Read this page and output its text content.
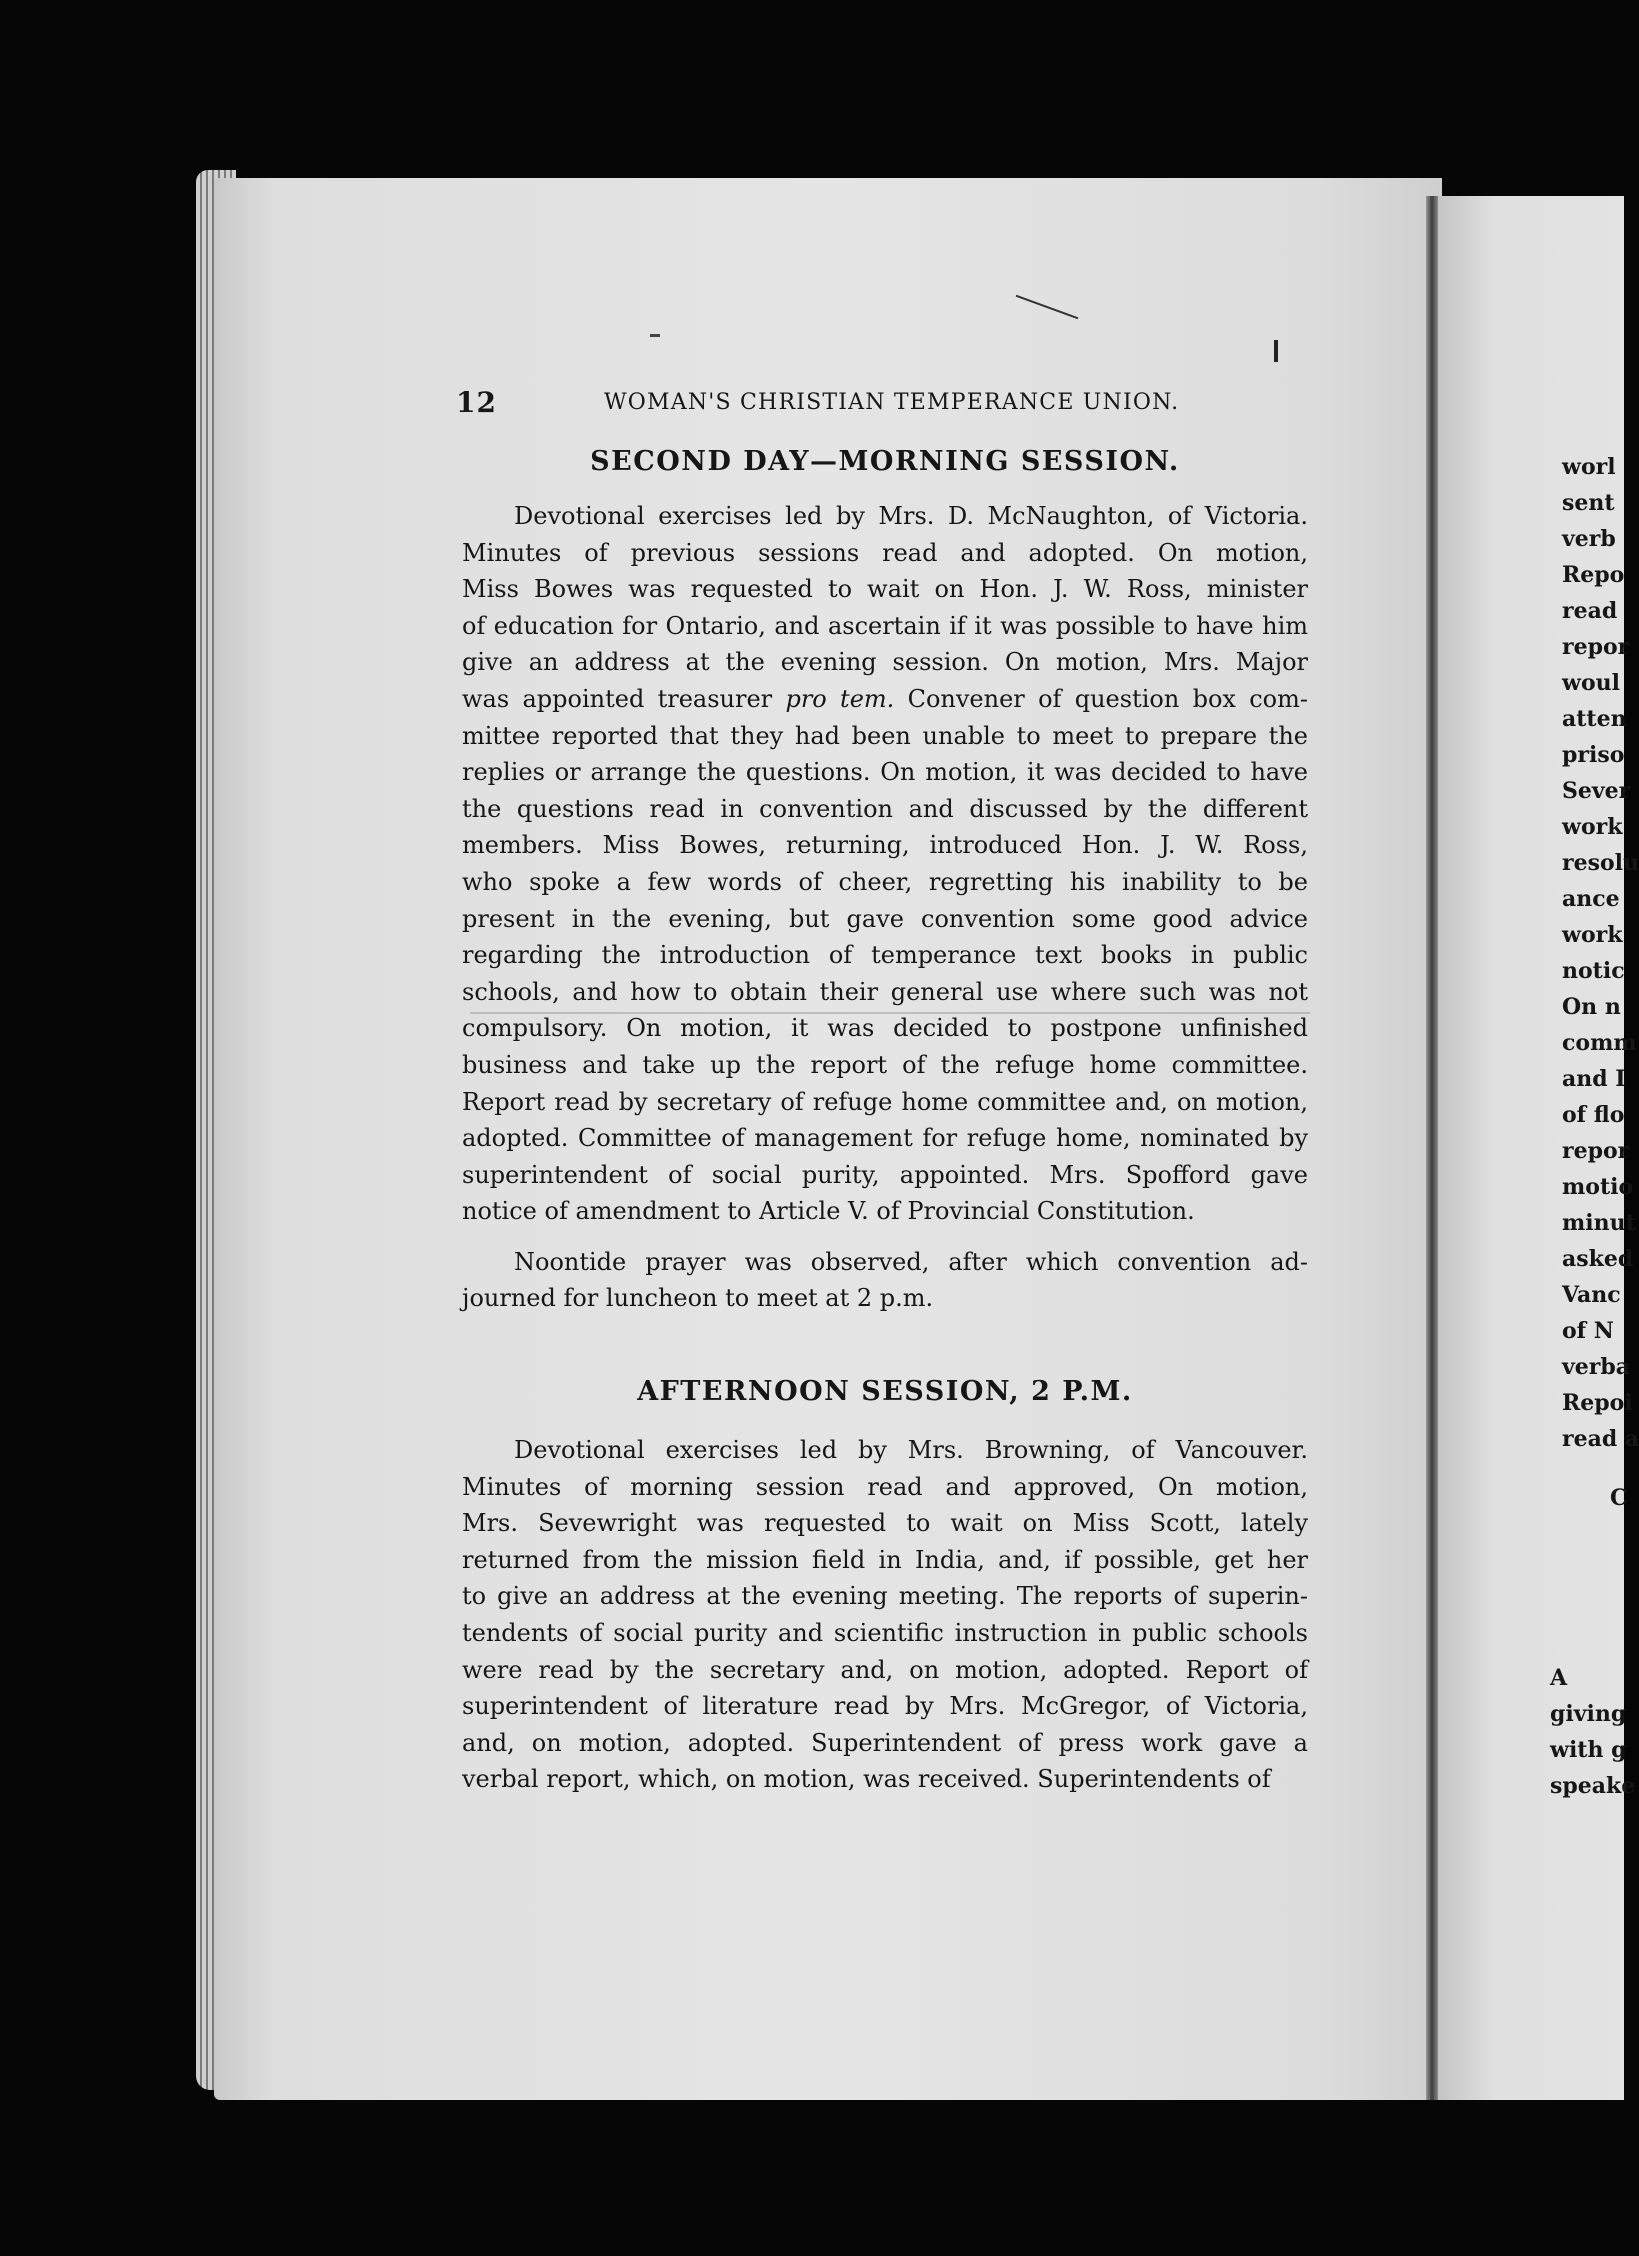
12	WOMAN'S CHRISTIAN TEMPERANCE UNION.
SECOND DAY—MORNING SESSION.
Devotional exercises led by Mrs. D. McNaughton, of Victoria.
Minutes of previous sessions read and adopted. On motion,
Miss Bowes was requested to wait on Hon. J. W. Ross, minister
of education for Ontario, and ascertain if it was possible to have him
give an address at the evening session. On motion, Mrs. Major
was appointed treasurer pro tem. Convener of question box com-
mittee reported that they had been unable to meet to prepare the
replies or arrange the questions. On motion, it was decided to have
the questions read in convention and discussed by the different
members. Miss Bowes, returning, introduced Hon. J. W. Ross,
who spoke a few words of cheer, regretting his inability to be
present in the evening, but gave convention some good advice
regarding the introduction of temperance text books in public
schools, and how to obtain their general use where such was not
compulsory. On motion, it was decided to postpone unfinished
business and take up the report of the refuge home committee.
Report read by secretary of refuge home committee and, on motion,
adopted. Committee of management for refuge home, nominated by
superintendent of social purity, appointed. Mrs. Spofford gave
notice of amendment to Article V. of Provincial Constitution.
Noontide prayer was observed, after which convention ad-
journed for luncheon to meet at 2 p.m.
AFTERNOON SESSION, 2 P.M.
Devotional exercises led by Mrs. Browning, of Vancouver.
Minutes of morning session read and approved, On motion,
Mrs. Sevewright was requested to wait on Miss Scott, lately
returned from the mission field in India, and, if possible, get her
to give an address at the evening meeting. The reports of superin-
tendents of social purity and scientific instruction in public schools
were read by the secretary and, on motion, adopted. Report of
superintendent of literature read by Mrs. McGregor, of Victoria,
and, on motion, adopted. Superintendent of press work gave a
verbal report, which, on motion, was received. Superintendents of
worl
sent
verb
Repo
read
repor
woul
atten
priso
Sever
work
resolu
ance
work
notic
On n
comm
and I
of flo
repor
motio
minut
asked
Vanc
of N
verba
Repoi
read a
C
A
giving
with g
speake
